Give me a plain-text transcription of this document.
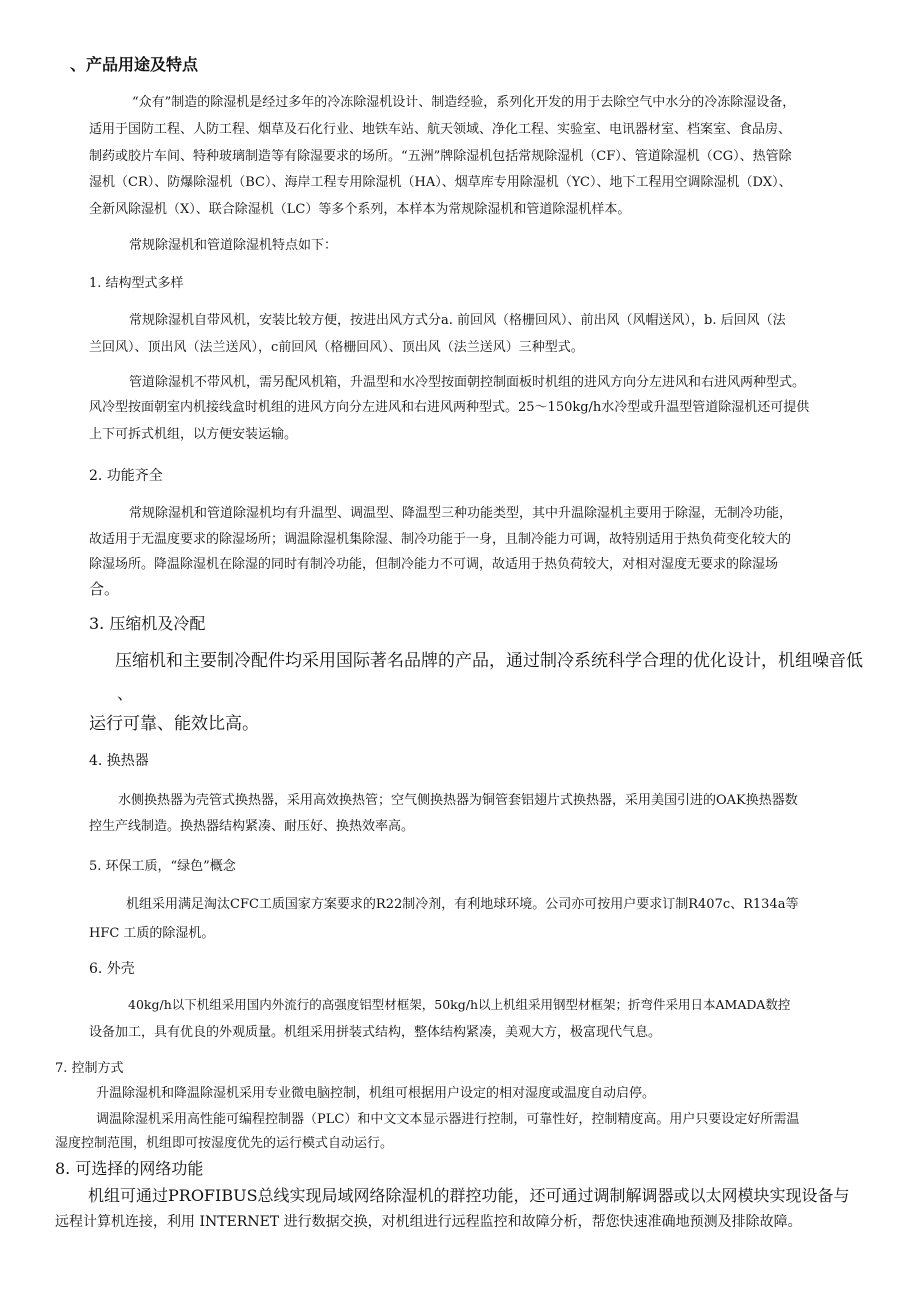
、产品用途及特点
“众有”制造的除湿机是经过多年的冷冻除湿机设计、制造经验，系列化开发的用于去除空气中水分的冷冻除湿设备，
适用于国防工程、人防工程、烟草及石化行业、地铁车站、航天领域、净化工程、实验室、电讯器材室、档案室、食品房、
制药或胶片车间、特种玻璃制造等有除湿要求的场所。“五洲”牌除湿机包括常规除湿机（CF）、管道除湿机（CG）、热管除
湿机（CR）、防爆除湿机（BC）、海岸工程专用除湿机（HA）、烟草库专用除湿机（YC）、地下工程用空调除湿机（DX）、
全新风除湿机（X）、联合除湿机（LC）等多个系列，本样本为常规除湿机和管道除湿机样本。
常规除湿机和管道除湿机特点如下：
1. 结构型式多样
常规除湿机自带风机，安装比较方便，按进出风方式分a. 前回风（格栅回风）、前出风（风帽送风），b. 后回风（法
兰回风）、顶出风（法兰送风），c前回风（格栅回风）、顶出风（法兰送风）三种型式。
管道除湿机不带风机，需另配风机箱，升温型和水冷型按面朝控制面板时机组的进风方向分左进风和右进风两种型式。
风冷型按面朝室内机接线盒时机组的进风方向分左进风和右进风两种型式。25～150kg/h水冷型或升温型管道除湿机还可提供
上下可拆式机组，以方便安装运输。
2. 功能齐全
常规除湿机和管道除湿机均有升温型、调温型、降温型三种功能类型，其中升温除湿机主要用于除湿，无制冷功能，
故适用于无温度要求的除湿场所；调温除湿机集除湿、制冷功能于一身，且制冷能力可调，故特别适用于热负荷变化较大的
除湿场所。降温除湿机在除湿的同时有制冷功能，但制冷能力不可调，故适用于热负荷较大，对相对湿度无要求的除湿场
合。
3. 压缩机及冷配
压缩机和主要制冷配件均采用国际著名品牌的产品，通过制冷系统科学合理的优化设计，机组噪音低
、
运行可靠、能效比高。
4. 换热器
水侧换热器为壳管式换热器，采用高效换热管；空气侧换热器为铜管套铝翅片式换热器，采用美国引进的OAK换热器数
控生产线制造。换热器结构紧凑、耐压好、换热效率高。
5. 环保工质，“绿色”概念
机组采用满足淘汰CFC工质国家方案要求的R22制冷剂，有利地球环境。公司亦可按用户要求订制R407c、R134a等
HFC 工质的除湿机。
6. 外壳
40kg/h以下机组采用国内外流行的高强度铝型材框架，50kg/h以上机组采用钢型材框架；折弯件采用日本AMADA数控
设备加工，具有优良的外观质量。机组采用拼装式结构，整体结构紧凑，美观大方，极富现代气息。
7. 控制方式
升温除湿机和降温除湿机采用专业微电脑控制，机组可根据用户设定的相对湿度或温度自动启停。
调温除湿机采用高性能可编程控制器（PLC）和中文文本显示器进行控制，可靠性好，控制精度高。用户只要设定好所需温
湿度控制范围，机组即可按湿度优先的运行模式自动运行。
8. 可选择的网络功能
机组可通过PROFIBUS总线实现局域网络除湿机的群控功能，还可通过调制解调器或以太网模块实现设备与
远程计算机连接，利用 INTERNET 进行数据交换，对机组进行远程监控和故障分析，帮您快速准确地预测及排除故障。
